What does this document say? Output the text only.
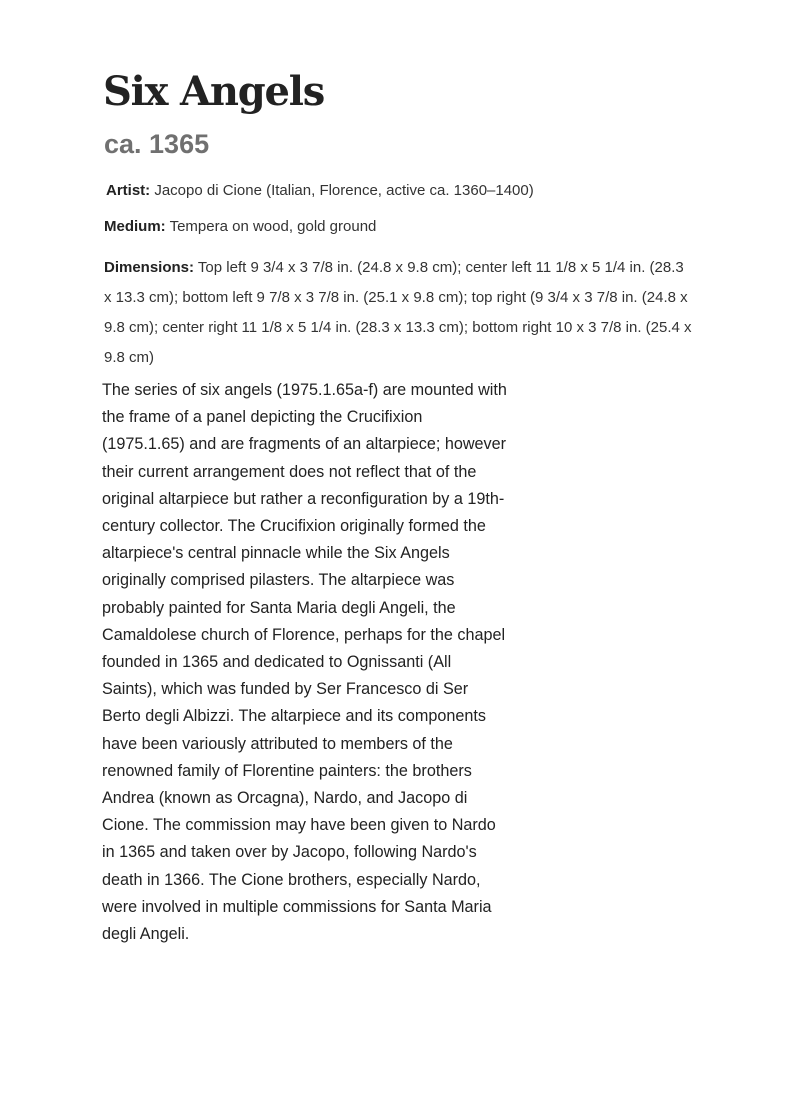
Six Angels
ca. 1365

Artist: Jacopo di Cione (Italian, Florence, active ca. 1360–1400)

Medium: Tempera on wood, gold ground

Dimensions: Top left 9 3/4 x 3 7/8 in. (24.8 x 9.8 cm); center left 11 1/8 x 5 1/4 in. (28.3 x 13.3 cm); bottom left 9 7/8 x 3 7/8 in. (25.1 x 9.8 cm); top right (9 3/4 x 3 7/8 in. (24.8 x 9.8 cm); center right 11 1/8 x 5 1/4 in. (28.3 x 13.3 cm); bottom right 10 x 3 7/8 in. (25.4 x 9.8 cm)

The series of six angels (1975.1.65a-f) are mounted with the frame of a panel depicting the Crucifixion (1975.1.65) and are fragments of an altarpiece; however their current arrangement does not reflect that of the original altarpiece but rather a reconfiguration by a 19th-century collector. The Crucifixion originally formed the altarpiece's central pinnacle while the Six Angels originally comprised pilasters. The altarpiece was probably painted for Santa Maria degli Angeli, the Camaldolese church of Florence, perhaps for the chapel founded in 1365 and dedicated to Ognissanti (All Saints), which was funded by Ser Francesco di Ser Berto degli Albizzi. The altarpiece and its components have been variously attributed to members of the renowned family of Florentine painters: the brothers Andrea (known as Orcagna), Nardo, and Jacopo di Cione. The commission may have been given to Nardo in 1365 and taken over by Jacopo, following Nardo's death in 1366. The Cione brothers, especially Nardo, were involved in multiple commissions for Santa Maria degli Angeli.
